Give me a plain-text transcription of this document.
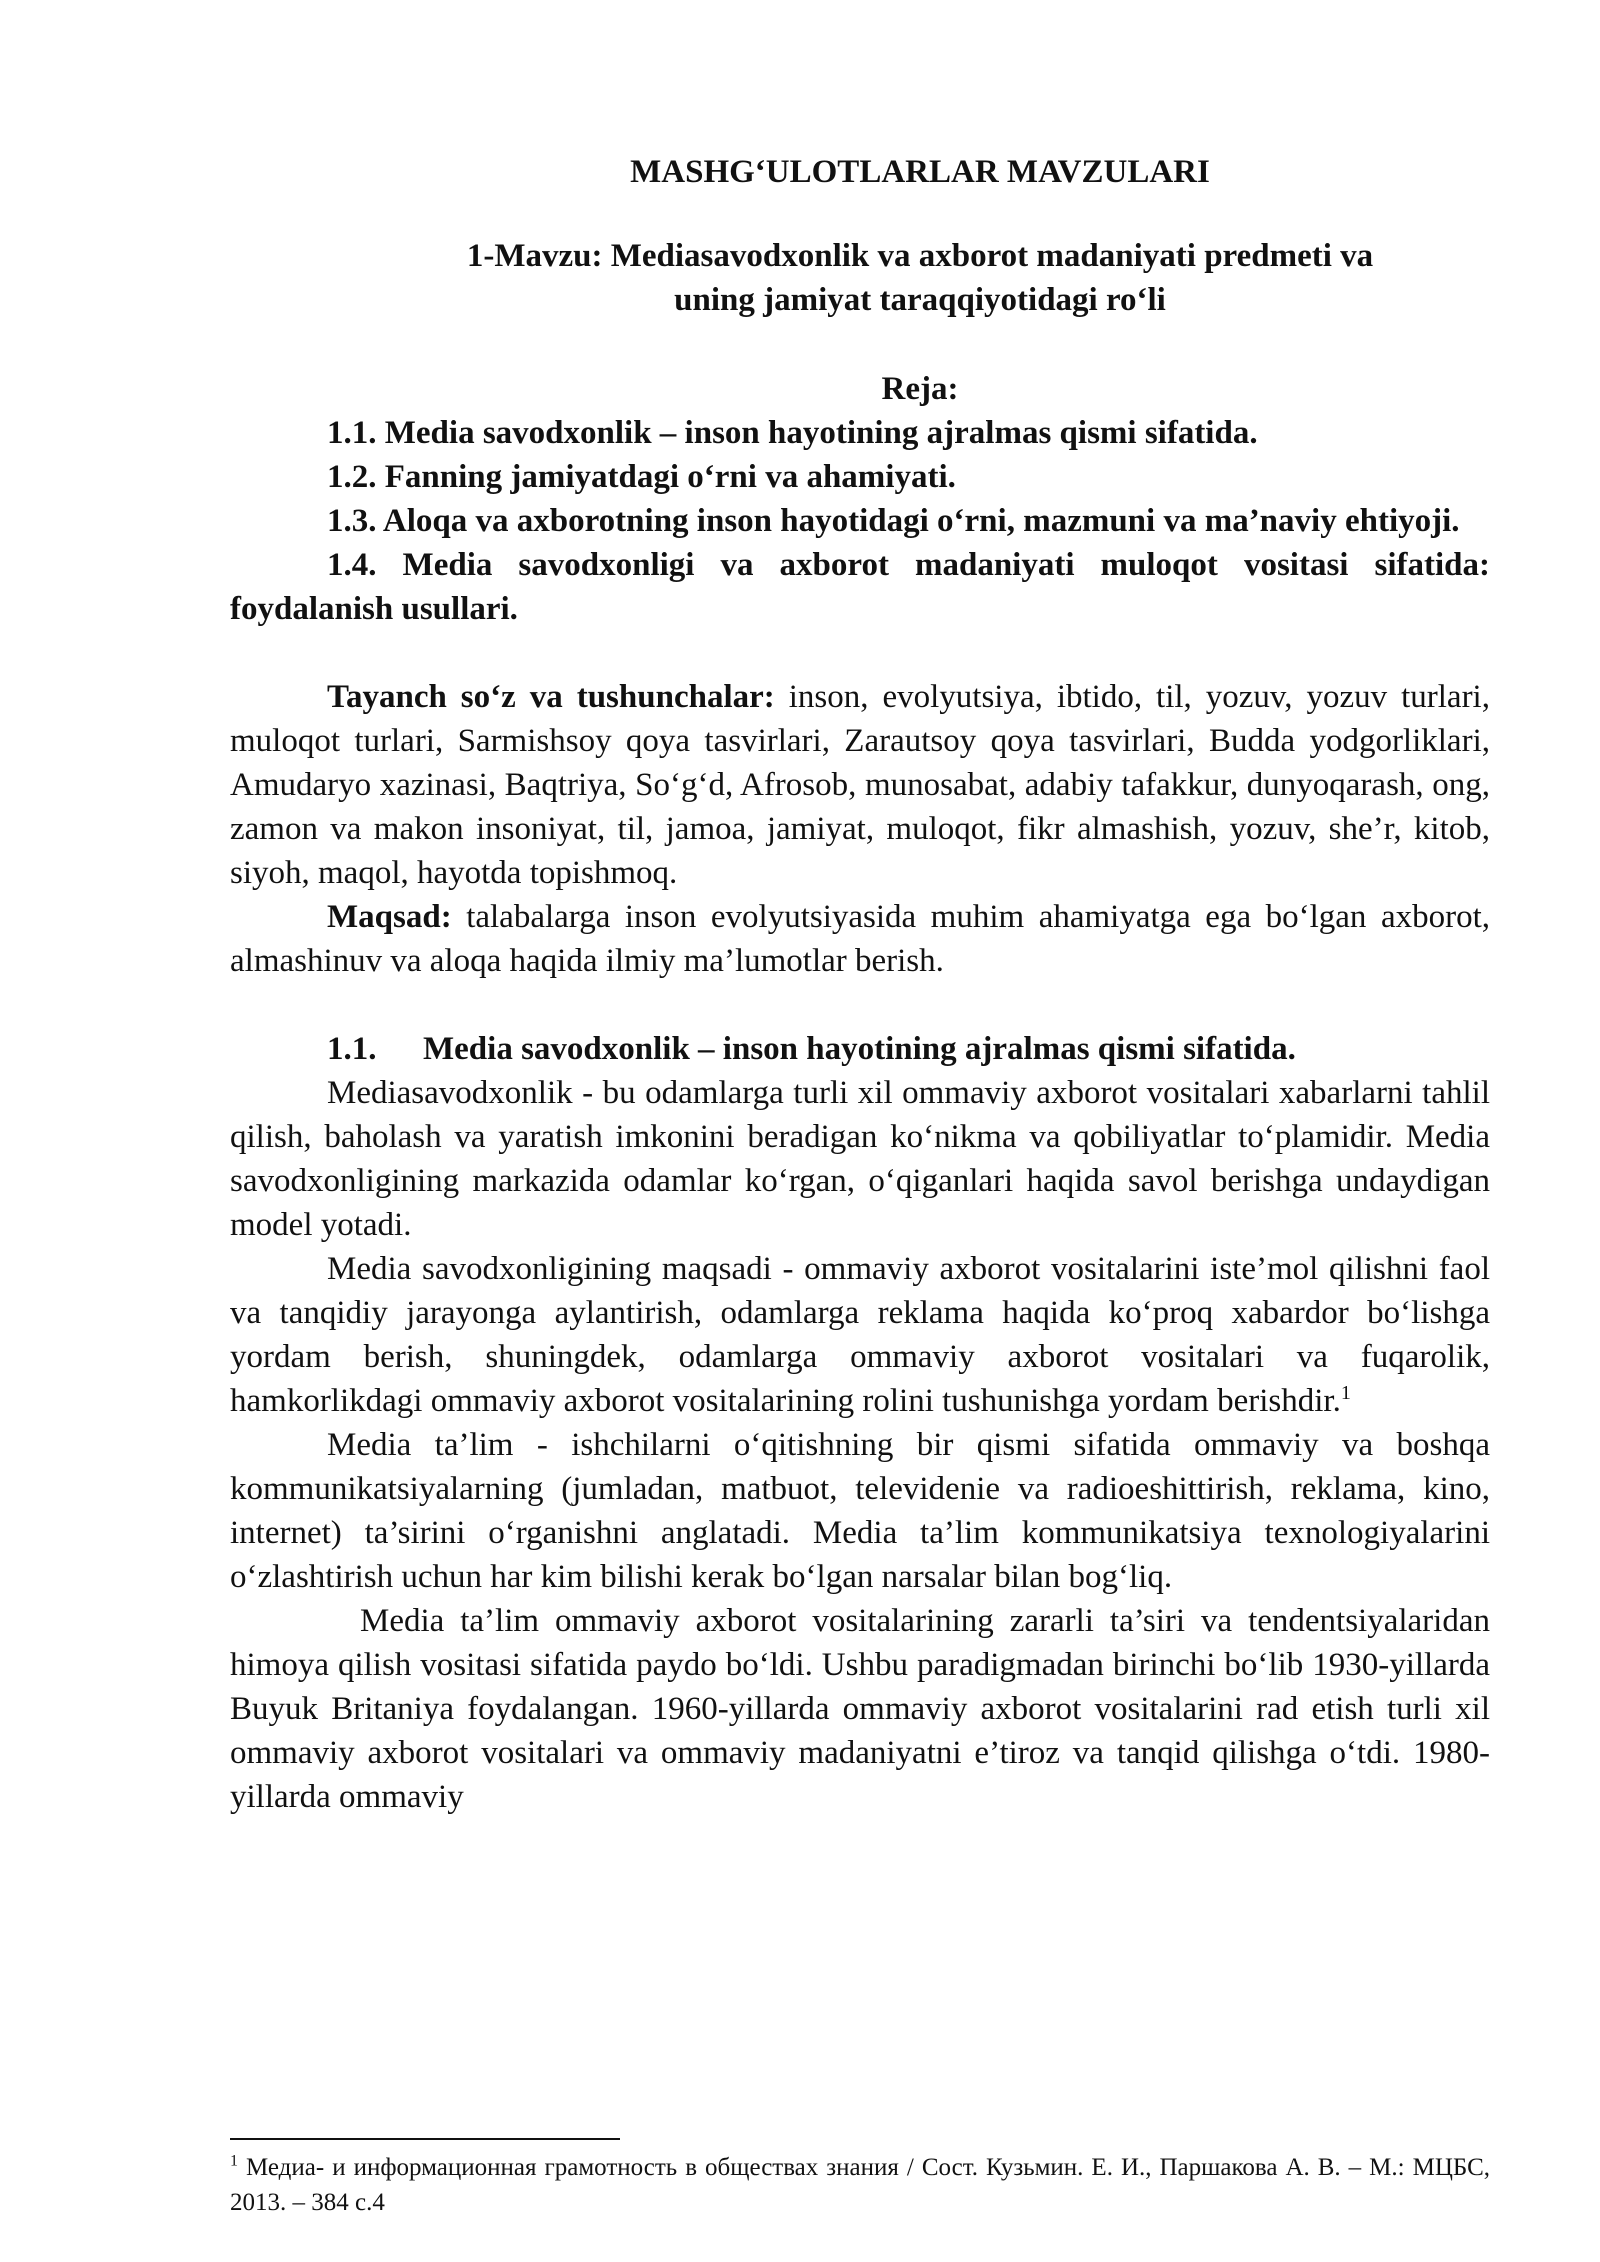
MASHG‘ULOTLARLAR MAVZULARI
1-Mavzu: Mediasavodxonlik va axborot madaniyati predmeti va
uning jamiyat taraqqiyotidagi ro‘li
Reja:
1.1. Media savodxonlik – inson hayotining ajralmas qismi sifatida.
1.2. Fanning jamiyatdagi o‘rni va ahamiyati.
1.3. Aloqa va axborotning inson hayotidagi o‘rni, mazmuni va ma’naviy ehtiyoji.
1.4. Media savodxonligi va axborot madaniyati muloqot vositasi sifatida: foydalanish usullari.

Tayanch so‘z va tushunchalar: inson, evolyutsiya, ibtido, til, yozuv, yozuv turlari, muloqot turlari, Sarmishsoy qoya tasvirlari, Zarautsoy qoya tasvirlari, Budda yodgorliklari, Amudaryo xazinasi, Baqtriya, So‘g‘d, Afrosob, munosabat, adabiy tafakkur, dunyoqarash, ong, zamon va makon insoniyat, til, jamoa, jamiyat, muloqot, fikr almashish, yozuv, she’r, kitob, siyoh, maqol, hayotda topishmoq.

Maqsad: talabalarga inson evolyutsiyasida muhim ahamiyatga ega bo‘lgan axborot, almashinuv va aloqa haqida ilmiy ma’lumotlar berish.

1.1. Media savodxonlik – inson hayotining ajralmas qismi sifatida.

Mediasavodxonlik - bu odamlarga turli xil ommaviy axborot vositalari xabarlarni tahlil qilish, baholash va yaratish imkonini beradigan ko‘nikma va qobiliyatlar to‘plamidir. Media savodxonligining markazida odamlar ko‘rgan, o‘qiganlari haqida savol berishga undaydigan model yotadi.

Media savodxonligining maqsadi - ommaviy axborot vositalarini iste’mol qilishni faol va tanqidiy jarayonga aylantirish, odamlarga reklama haqida ko‘proq xabardor bo‘lishga yordam berish, shuningdek, odamlarga ommaviy axborot vositalari va fuqarolik, hamkorlikdagi ommaviy axborot vositalarining rolini tushunishga yordam berishdir.$^1$

Media ta’lim - ishchilarni o‘qitishning bir qismi sifatida ommaviy va boshqa kommunikatsiyalarning (jumladan, matbuot, televidenie va radioeshittirish, reklama, kino, internet) ta’sirini o‘rganishni anglatadi. Media ta’lim kommunikatsiya texnologiyalarini o‘zlashtirish uchun har kim bilishi kerak bo‘lgan narsalar bilan bog‘liq.

Media ta’lim ommaviy axborot vositalarining zararli ta’siri va tendentsiyalaridan himoya qilish vositasi sifatida paydo bo‘ldi. Ushbu paradigmadan birinchi bo‘lib 1930-yillarda Buyuk Britaniya foydalangan. 1960-yillarda ommaviy axborot vositalarini rad etish turli xil ommaviy axborot vositalari va ommaviy madaniyatni e’tiroz va tanqid qilishga o‘tdi. 1980-yillarda ommaviy

$^1$ Медиа- и информационная грамотность в обществах знания / Сост. Кузьмин. Е. И., Паршакова А. В. – М.: МЦБС, 2013. – 384 с.4
